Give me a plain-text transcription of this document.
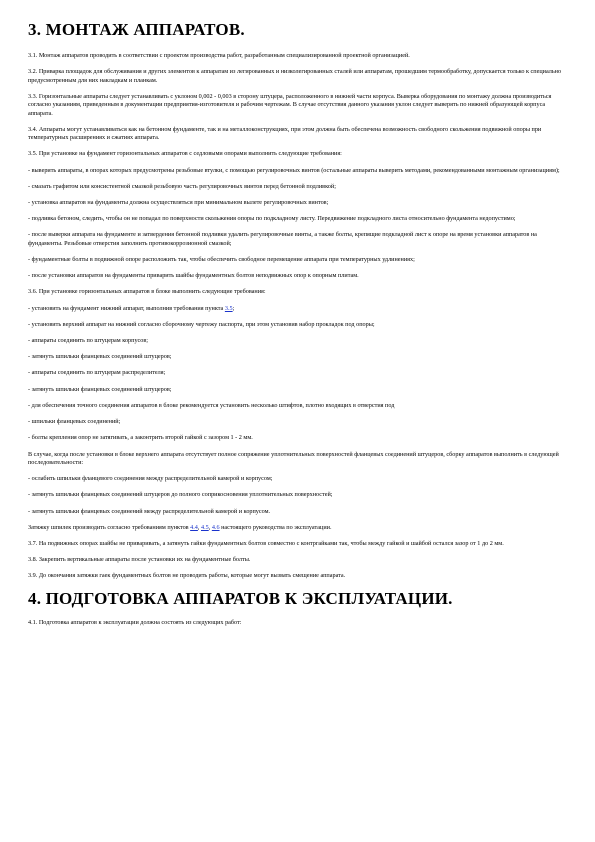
3. МОНТАЖ АППАРАТОВ.

3.1. Монтаж аппаратов проводить в соответствии с проектом производства работ, разработанным специализированной проектной организацией.

3.2. Приварка площадок для обслуживания и других элементов к аппаратам из легированных и низколегированных сталей или аппаратам, прошедшим термообработку, допускается только к специально предусмотренным для них накладкам и планкам.

3.3. Горизонтальные аппараты следует устанавливать с уклоном 0,002 - 0,003 в сторону штуцера, расположенного в нижней части корпуса. Выверка оборудования по монтажу должна производиться согласно указаниям, приведенным в документации предприятия-изготовителя и рабочим чертежам. В случае отсутствия данного указания уклон следует выверять по нижней образующей корпуса аппарата.

3.4. Аппараты могут устанавливаться как на бетонном фундаменте, так и на металлоконструкциях, при этом должна быть обеспечена возможность свободного скольжения подвижной опоры при температурных расширениях и сжатиях аппарата.

3.5. При установке на фундамент горизонтальных аппаратов с седловыми опорами выполнить следующие требования:

- выверить аппараты, в опорах которых предусмотрены резьбовые втулки, с помощью регулировочных винтов (остальные аппараты выверить методами, рекомендованными монтажным организациям);

- смазать графитом или консистентной смазкой резьбовую часть регулировочных винтов перед бетонной подливкой;

- установка аппаратов на фундаменты должна осуществляться при минимальном вылете регулировочных винтов;

- подливка бетоном, следить, чтобы он не попадал по поверхности скольжения опоры по подкладному листу. Передвижение подкладного листа относительно фундамента недопустимо;

- после выверки аппарата на фундаменте и затвердения бетонной подливки удалить регулировочные винты, а также болты, крепящие подкладной лист к опоре на время установки аппаратов на фундаменты. Резьбовые отверстия заполнить противокоррозионной смазкой;

- фундаментные болты в подвижной опоре расположить так, чтобы обеспечить свободное перемещение аппарата при температурных удлинениях;

- после установки аппаратов на фундаменты приварить шайбы фундаментных болтов неподвижных опор к опорным плитам.

3.6. При установке горизонтальных аппаратов в блоке выполнить следующие требования:

- установить на фундамент нижний аппарат, выполнив требования пункта 3.5;

- установить верхний аппарат на нижний согласно сборочному чертежу паспорта, при этом установив набор прокладок под опоры;

- аппараты соединить по штуцерам корпусов;

- затянуть шпильки фланцевых соединений штуцеров;

- аппараты соединить по штуцерам распределителя;

- затянуть шпильки фланцевых соединений штуцеров;

- для обеспечения точного соединения аппаратов в блоке рекомендуется установить несколько штифтов, плотно входящих в отверстия под

- шпильки фланцевых соединений;

- болты крепления опор не затягивать, а законтрить второй гайкой с зазором 1 - 2 мм.

В случае, когда после установки в блоке верхнего аппарата отсутствует полное сопряжение уплотнительных поверхностей фланцевых соединений штуцеров, сборку аппаратов выполнить в следующей последовательности:

- ослабить шпильки фланцевого соединения между распределительной камерой и корпусом;

- затянуть шпильки фланцевых соединений штуцеров до полного соприкосновения уплотнительных поверхностей;

- затянуть шпильки фланцевых соединений между распределительной камерой и корпусом.

Затяжку шпилек производить согласно требованиям пунктов 4.4, 4.5, 4.6 настоящего руководства по эксплуатации.

3.7. На подвижных опорах шайбы не приваривать, а затянуть гайки фундаментных болтов совместно с контргайками так, чтобы между гайкой и шайбой остался зазор от 1 до 2 мм.

3.8. Закрепить вертикальные аппараты после установки их на фундаментные болты.

3.9. До окончания затяжки гаек фундаментных болтов не проводить работы, которые могут вызвать смещение аппарата.

4. ПОДГОТОВКА АППАРАТОВ К ЭКСПЛУАТАЦИИ.

4.1. Подготовка аппаратов к эксплуатации должна состоять из следующих работ:
